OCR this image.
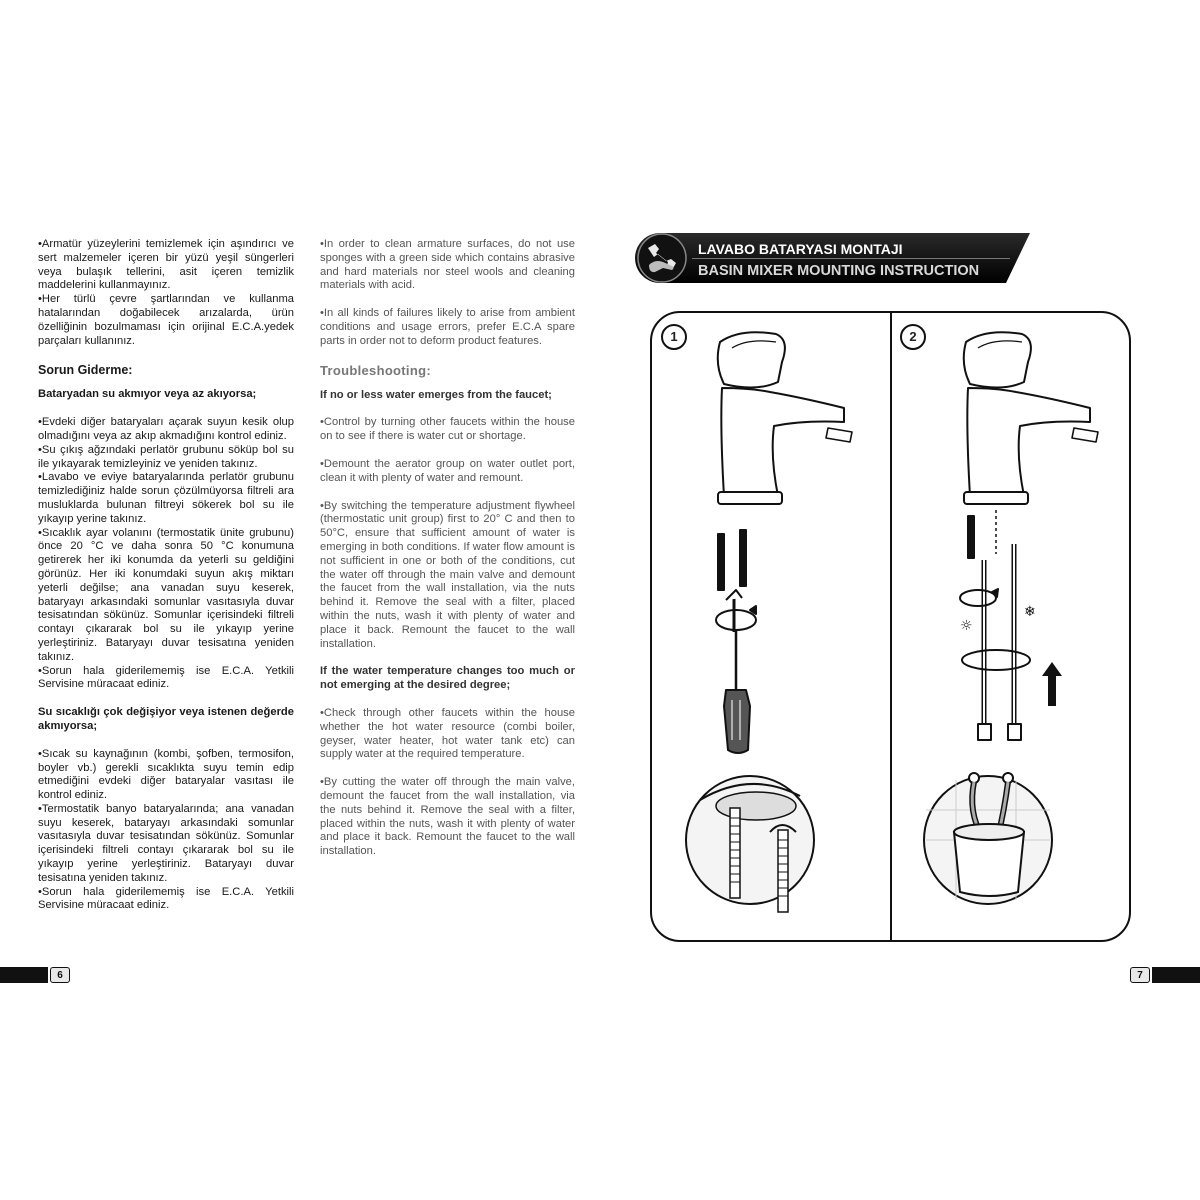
•Armatür yüzeylerini temizlemek için aşındırıcı ve sert malzemeler içeren bir yüzü yeşil süngerleri veya bulaşık tellerini, asit içeren temizlik maddelerini kullanmayınız.

•Her türlü çevre şartlarından ve kullanma hatalarından doğabilecek arızalarda, ürün özelliğinin bozulmaması için orijinal E.C.A.yedek parçaları kullanınız.

Sorun Giderme:
Bataryadan su akmıyor veya az akıyorsa;

•Evdeki diğer bataryaları açarak suyun kesik olup olmadığını veya az akıp akmadığını kontrol ediniz.

•Su çıkış ağzındaki perlatör grubunu söküp bol su ile yıkayarak temizleyiniz ve yeniden takınız.

•Lavabo ve eviye bataryalarında perlatör grubunu temizlediğiniz halde sorun çözülmüyorsa filtreli ara musluklarda bulunan filtreyi sökerek bol su ile yıkayıp yerine takınız.

•Sıcaklık ayar volanını (termostatik ünite grubunu) önce 20 °C ve daha sonra 50 °C konumuna getirerek her iki konumda da yeterli su geldiğini görünüz. Her iki konumdaki suyun akış miktarı yeterli değilse; ana vanadan suyu keserek, bataryayı arkasındaki somunlar vasıtasıyla duvar tesisatından sökünüz. Somunlar içerisindeki filtreli contayı çıkararak bol su ile yıkayıp yerine yerleştiriniz. Bataryayı duvar tesisatına yeniden takınız.

•Sorun hala giderilememiş ise E.C.A. Yetkili Servisine müracaat ediniz.

Su sıcaklığı çok değişiyor veya istenen değerde akmıyorsa;

•Sıcak su kaynağının (kombi, şofben, termosifon, boyler vb.) gerekli sıcaklıkta suyu temin edip etmediğini evdeki diğer bataryalar vasıtası ile kontrol ediniz.

•Termostatik banyo bataryalarında; ana vanadan suyu keserek, bataryayı arkasındaki somunlar vasıtasıyla duvar tesisatından sökünüz. Somunlar içerisindeki filtreli contayı çıkararak bol su ile yıkayıp yerine yerleştiriniz. Bataryayı duvar tesisatına yeniden takınız.

•Sorun hala giderilememiş ise E.C.A. Yetkili Servisine müracaat ediniz.

•In order to clean armature surfaces, do not use sponges with a green side which contains abrasive and hard materials nor steel wools and cleaning materials with acid.

•In all kinds of failures likely to arise from ambient conditions and usage errors, prefer E.C.A spare parts in order not to deform product features.

Troubleshooting:
If no or less water emerges from the faucet;

•Control by turning other faucets within the house on to see if there is water cut or shortage.

•Demount the aerator group on water outlet port, clean it with plenty of water and remount.

•By switching the temperature adjustment flywheel (thermostatic unit group) first to 20° C and then to 50°C, ensure that sufficient amount of water is emerging in both conditions. If water flow amount is not sufficient in one or both of the conditions, cut the water off through the main valve and demount the faucet from the wall installation, via the nuts behind it. Remove the seal with a filter, placed within the nuts, wash it with plenty of water and place it back. Remount the faucet to the wall installation.

If the water temperature changes too much or not emerging at the desired degree;

•Check through other faucets within the house whether the hot water resource (combi boiler, geyser, water heater, hot water tank etc) can supply water at the required temperature.

•By cutting the water off through the main valve, demount the faucet from the wall installation, via the nuts behind it. Remove the seal with a filter, placed within the nuts, wash it with plenty of water and place it back. Remount the faucet to the wall installation.

6	7
LAVABO BATARYASI MONTAJI
BASIN MIXER MOUNTING INSTRUCTION
1	2
☼
❄
